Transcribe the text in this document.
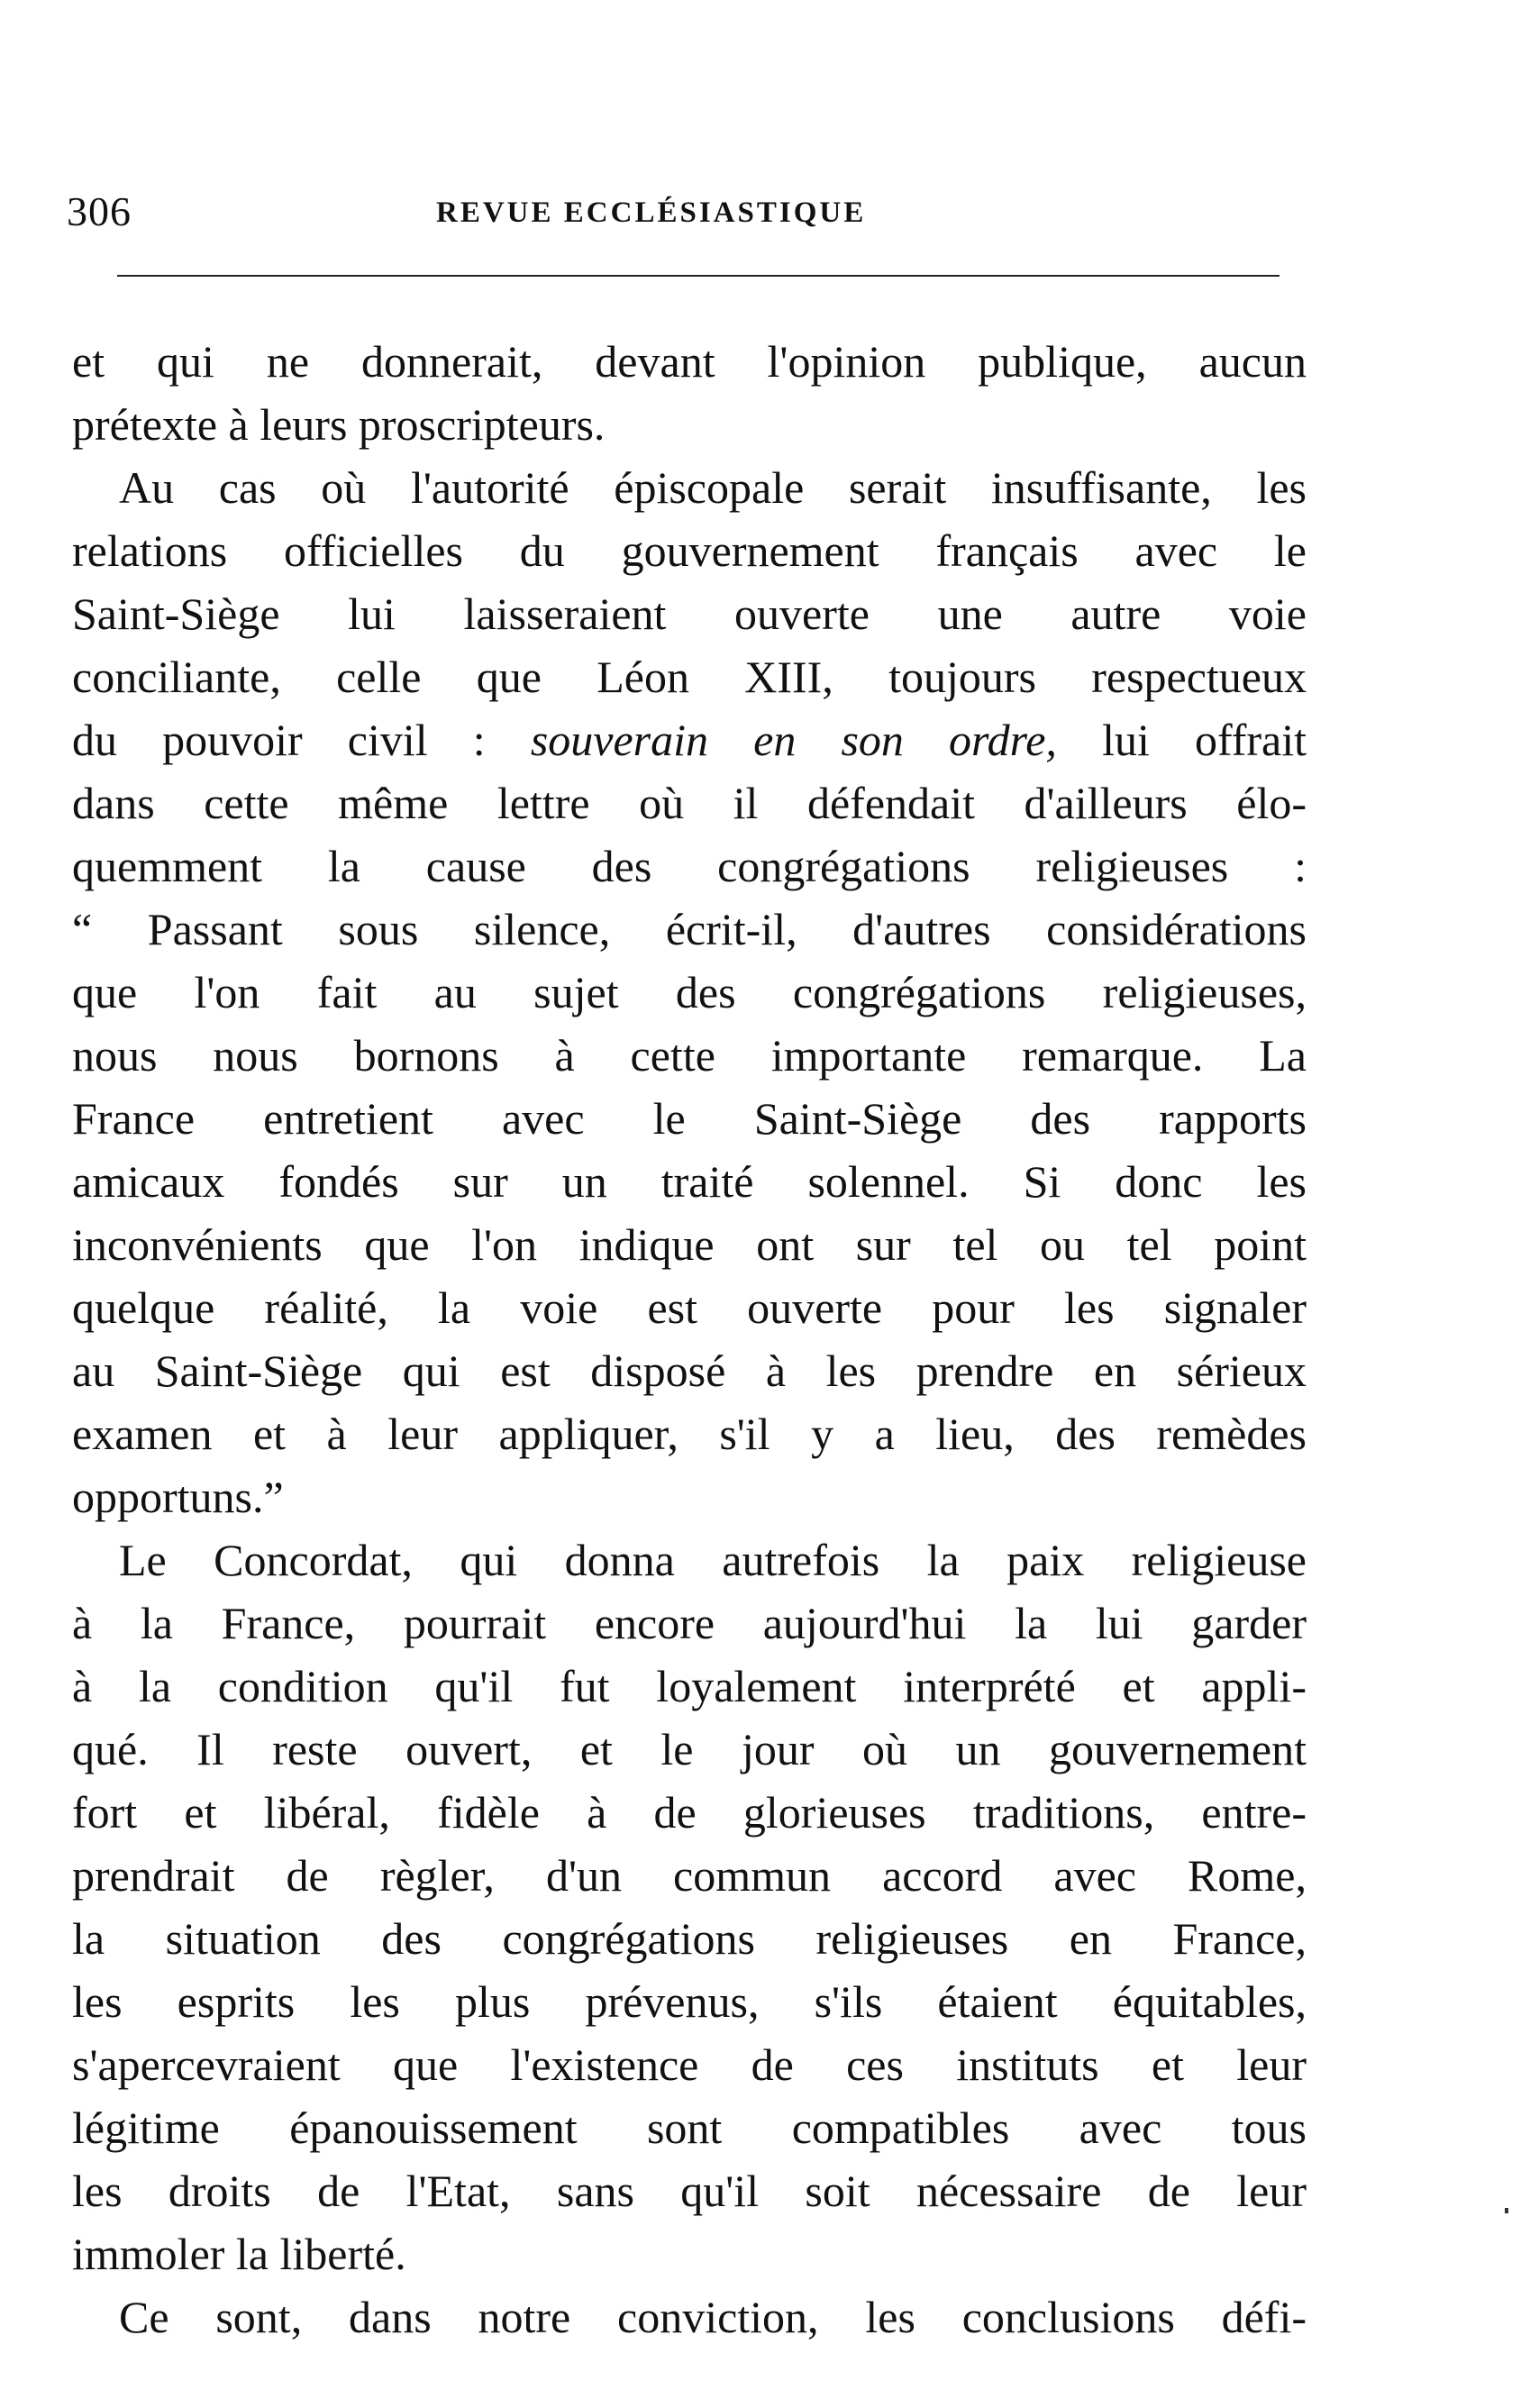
306	REVUE ECCLÉSIASTIQUE
et qui ne donnerait, devant l'opinion publique, aucun
prétexte à leurs proscripteurs.
Au cas où l'autorité épiscopale serait insuffisante, les
relations officielles du gouvernement français avec le
Saint-Siège lui laisseraient ouverte une autre voie
conciliante, celle que Léon XIII, toujours respectueux
du pouvoir civil : souverain en son ordre, lui offrait
dans cette même lettre où il défendait d'ailleurs élo-
quemment la cause des congrégations religieuses :
“ Passant sous silence, écrit-il, d'autres considérations
que l'on fait au sujet des congrégations religieuses,
nous nous bornons à cette importante remarque. La
France entretient avec le Saint-Siège des rapports
amicaux fondés sur un traité solennel. Si donc les
inconvénients que l'on indique ont sur tel ou tel point
quelque réalité, la voie est ouverte pour les signaler
au Saint-Siège qui est disposé à les prendre en sérieux
examen et à leur appliquer, s'il y a lieu, des remèdes
opportuns.”
Le Concordat, qui donna autrefois la paix religieuse
à la France, pourrait encore aujourd'hui la lui garder
à la condition qu'il fut loyalement interprété et appli-
qué. Il reste ouvert, et le jour où un gouvernement
fort et libéral, fidèle à de glorieuses traditions, entre-
prendrait de règler, d'un commun accord avec Rome,
la situation des congrégations religieuses en France,
les esprits les plus prévenus, s'ils étaient équitables,
s'apercevraient que l'existence de ces instituts et leur
légitime épanouissement sont compatibles avec tous
les droits de l'Etat, sans qu'il soit nécessaire de leur
immoler la liberté.
Ce sont, dans notre conviction, les conclusions défi-
